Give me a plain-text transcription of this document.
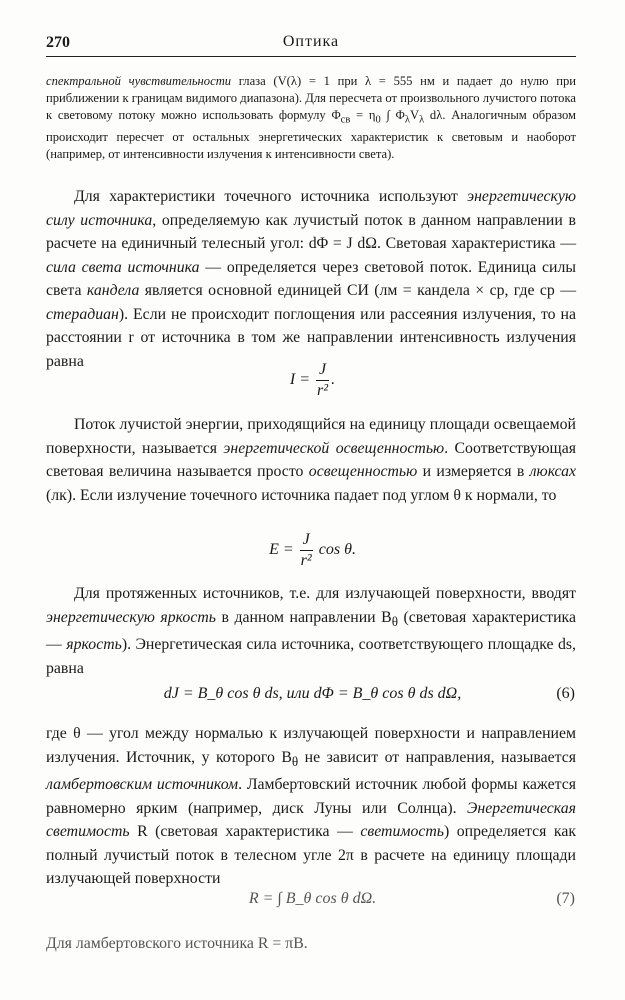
270	Оптика
спектральной чувствительности глаза (V(λ) = 1 при λ = 555 нм и падает до нулю при приближении к границам видимого диапазона). Для пересчета от произвольного лучистого потока к световому потоку можно использовать формулу $\Phi_{св} = \eta_0$ ∫ $\Phi_\lambda V_\lambda$ dλ. Аналогичным образом происходит пересчет от остальных энергетических характеристик к световым и наоборот (например, от интенсивности излучения к интенсивности света).
Для характеристики точечного источника используют энергетическую силу источника, определяемую как лучистый поток в данном направлении в расчете на единичный телесный угол: dΦ = J dΩ. Световая характеристика — сила света источника — определяется через световой поток. Единица силы света кандела является основной единицей СИ (лм = кандела × ср, где ср — стерадиан). Если не происходит поглощения или рассеяния излучения, то на расстоянии r от источника в том же направлении интенсивность излучения равна
$I = \frac{J}{\text{r²}}$ .
Поток лучистой энергии, приходящийся на единицу площади освещаемой поверхности, называется энергетической освещенностью. Соответствующая световая величина называется просто освещенностью и измеряется в люксах (лк). Если излучение точечного источника падает под углом θ к нормали, то
$E = \frac{J}{\text{r²}}$ cos θ.
Для протяженных источников, т.е. для излучающей поверхности, вводят энергетическую яркость в данном направлении $B_\theta$ (световая характеристика — яркость). Энергетическая сила источника, соответствующего площадке ds, равна
dJ = B_θ cos θ ds, или dΦ = B_θ cos θ ds dΩ,	(6)
где θ — угол между нормалью к излучающей поверхности и направлением излучения. Источник, у которого $B_\theta$ не зависит от направления, называется ламбертовским источником. Ламбертовский источник любой формы кажется равномерно ярким (например, диск Луны или Солнца). Энергетическая светимость R (световая характеристика — светимость) определяется как полный лучистый поток в телесном угле 2π в расчете на единицу площади излучающей поверхности
R = ∫ B_θ cos θ dΩ.	(7)
Для ламбертовского источника R = πB.
